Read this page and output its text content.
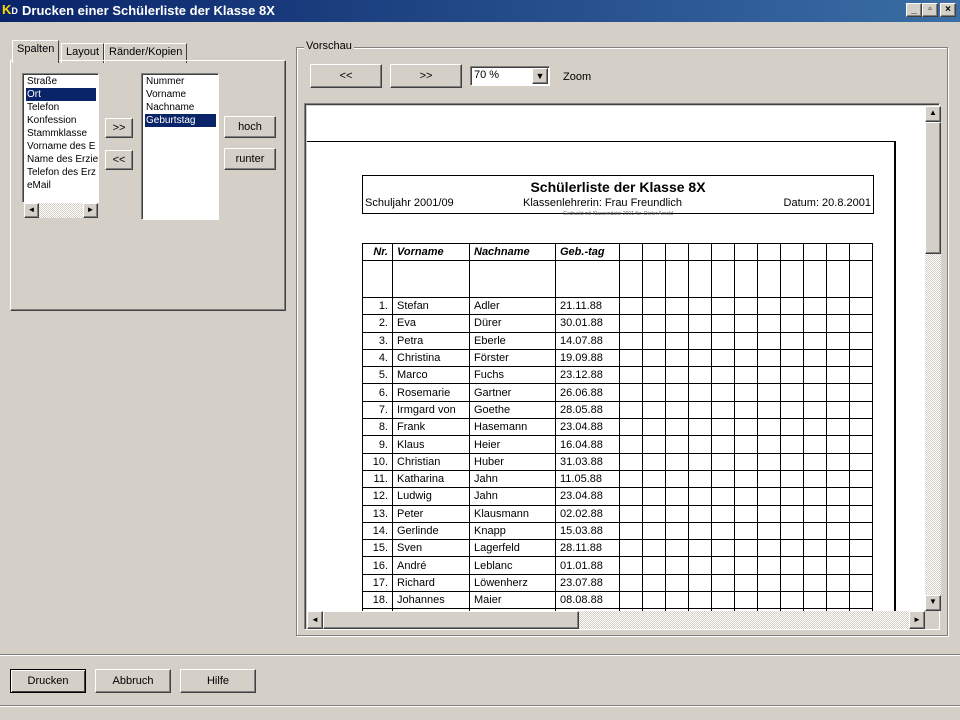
KD Drucken einer Schülerliste der Klasse 8X	_	▫	×
Spalten	Layout Ränder/Kopien
Straße
Ort
Telefon
Konfession
Stammklasse
Vorname des E
Name des Erzie
Telefon des Erz
eMail
◄	►
>>
<<
Nummer
Vorname
Nachname
Geburtstag
hoch
runter
Vorschau
<<	>>	70 %	▼	Zoom
Schülerliste der Klasse 8X
Schuljahr 2001/09	Klassenlehrerin: Frau Freundlich	Datum: 20.8.2001
Gedruckt mit Klassendatei 2001 für: Dieter Arnold
Nr.	Vorname	Nachname	Geb.-tag											

1.	Stefan	Adler	21.11.88											
2.	Eva	Dürer	30.01.88											
3.	Petra	Eberle	14.07.88											
4.	Christina	Förster	19.09.88											
5.	Marco	Fuchs	23.12.88											
6.	Rosemarie	Gartner	26.06.88											
7.	Irmgard von	Goethe	28.05.88											
8.	Frank	Hasemann	23.04.88											
9.	Klaus	Heier	16.04.88											
10.	Christian	Huber	31.03.88											
11.	Katharina	Jahn	11.05.88											
12.	Ludwig	Jahn	23.04.88											
13.	Peter	Klausmann	02.02.88											
14.	Gerlinde	Knapp	15.03.88											
15.	Sven	Lagerfeld	28.11.88											
16.	André	Leblanc	01.01.88											
17.	Richard	Löwenherz	23.07.88											
18.	Johannes	Maier	08.08.88											

▲
▼
◄	►
Drucken	Abbruch	Hilfe
